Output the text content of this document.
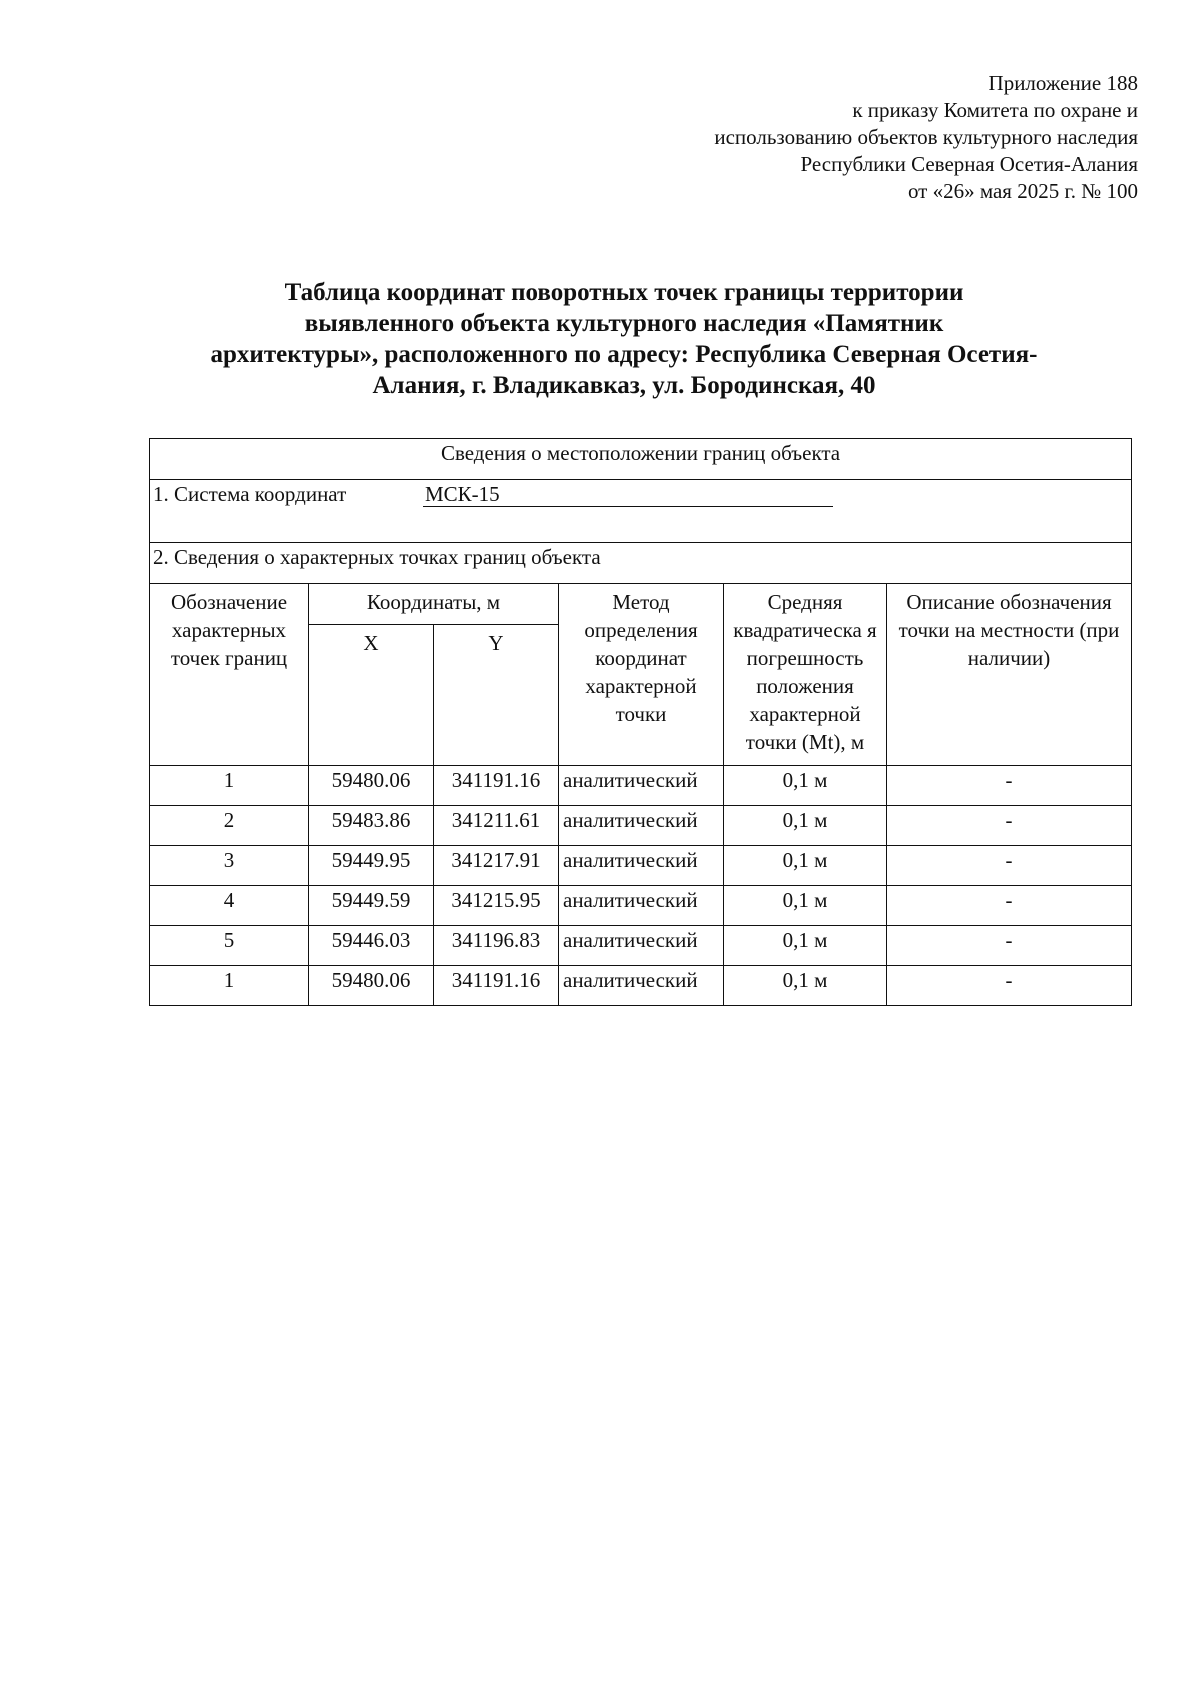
Приложение 188
к приказу Комитета по охране и
использованию объектов культурного наследия
Республики Северная Осетия-Алания
от «26» мая 2025 г. № 100
Таблица координат поворотных точек границы территории
выявленного объекта культурного наследия «Памятник
архитектуры», расположенного по адресу: Республика Северная Осетия-
Алания, г. Владикавказ, ул. Бородинская, 40
Сведения о местоположении границ объекта					
1. Система координат МСК-15					
2. Сведения о характерных точках границ объекта					
Обозначение характерных точек границ	Координаты, м		Метод определения координат характерной точки	Средняя квадратическа я погрешность положения характерной точки (Mt), м	Описание обозначения точки на местности (при наличии)
	X	Y			
1	59480.06	341191.16	аналитический	0,1 м	-
2	59483.86	341211.61	аналитический	0,1 м	-
3	59449.95	341217.91	аналитический	0,1 м	-
4	59449.59	341215.95	аналитический	0,1 м	-
5	59446.03	341196.83	аналитический	0,1 м	-
1	59480.06	341191.16	аналитический	0,1 м	-
